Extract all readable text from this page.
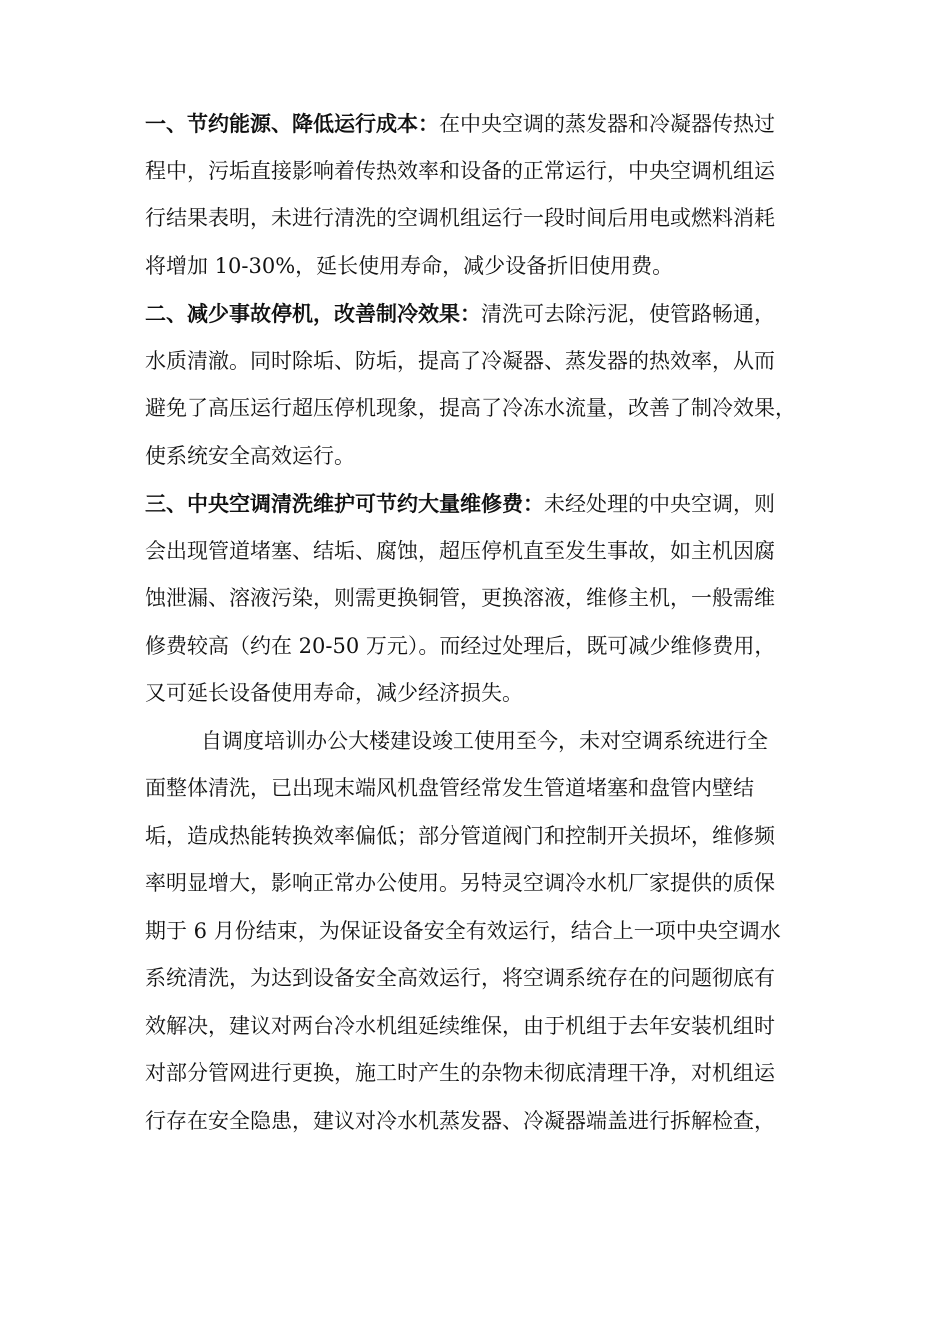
一、节约能源、降低运行成本：在中央空调的蒸发器和冷凝器传热过
程中，污垢直接影响着传热效率和设备的正常运行，中央空调机组运
行结果表明，未进行清洗的空调机组运行一段时间后用电或燃料消耗
将增加 10-30%，延长使用寿命，减少设备折旧使用费。
二、减少事故停机，改善制冷效果：清洗可去除污泥，使管路畅通，
水质清澈。同时除垢、防垢，提高了冷凝器、蒸发器的热效率，从而
避免了高压运行超压停机现象，提高了冷冻水流量，改善了制冷效果，
使系统安全高效运行。
三、中央空调清洗维护可节约大量维修费：未经处理的中央空调，则
会出现管道堵塞、结垢、腐蚀，超压停机直至发生事故，如主机因腐
蚀泄漏、溶液污染，则需更换铜管，更换溶液，维修主机，一般需维
修费较高（约在 20-50 万元）。而经过处理后，既可减少维修费用，
又可延长设备使用寿命，减少经济损失。
自调度培训办公大楼建设竣工使用至今，未对空调系统进行全
面整体清洗，已出现末端风机盘管经常发生管道堵塞和盘管内壁结
垢，造成热能转换效率偏低；部分管道阀门和控制开关损坏，维修频
率明显增大，影响正常办公使用。另特灵空调冷水机厂家提供的质保
期于 6 月份结束，为保证设备安全有效运行，结合上一项中央空调水
系统清洗，为达到设备安全高效运行，将空调系统存在的问题彻底有
效解决，建议对两台冷水机组延续维保，由于机组于去年安装机组时
对部分管网进行更换，施工时产生的杂物未彻底清理干净，对机组运
行存在安全隐患，建议对冷水机蒸发器、冷凝器端盖进行拆解检查，
